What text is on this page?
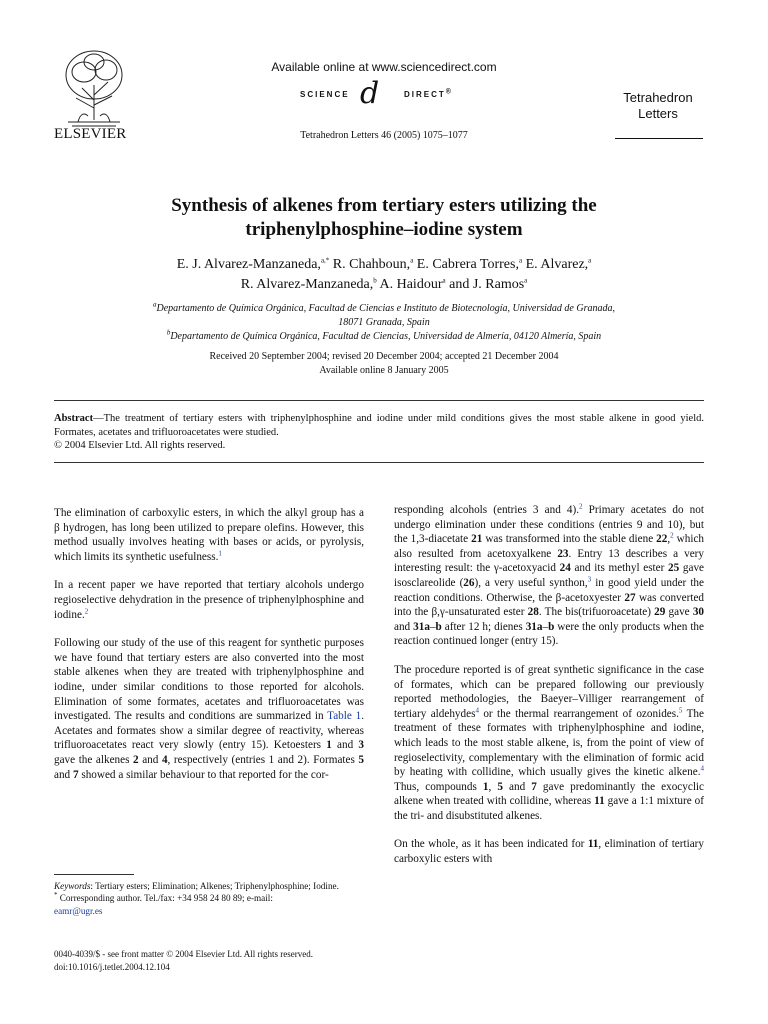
ELSEVIER
Available online at www.sciencedirect.com
SCIENCE d	DIRECT®
Tetrahedron Letters 46 (2005) 1075–1077
Tetrahedron
Letters
Synthesis of alkenes from tertiary esters utilizing the
triphenylphosphine–iodine system
E. J. Alvarez-Manzaneda,$^{a,*}$ R. Chahboun,$^a$ E. Cabrera Torres,$^a$ E. Alvarez,$^a$
R. Alvarez-Manzaneda,$^b$ A. Haidour$^a$ and J. Ramos$^a$
$^a$Departamento de Química Orgánica, Facultad de Ciencias e Instituto de Biotecnología, Universidad de Granada,
18071 Granada, Spain
$^b$Departamento de Química Orgánica, Facultad de Ciencias, Universidad de Almería, 04120 Almería, Spain
Received 20 September 2004; revised 20 December 2004; accepted 21 December 2004
Available online 8 January 2005
Abstract—The treatment of tertiary esters with triphenylphosphine and iodine under mild conditions gives the most stable alkene in good yield. Formates, acetates and trifluoroacetates were studied.
© 2004 Elsevier Ltd. All rights reserved.

The elimination of carboxylic esters, in which the alkyl group has a β hydrogen, has long been utilized to prepare olefins. However, this method usually involves heating with bases or acids, or pyrolysis, which limits its synthetic usefulness.$^1$

In a recent paper we have reported that tertiary alcohols undergo regioselective dehydration in the presence of triphenylphosphine and iodine.$^2$

Following our study of the use of this reagent for synthetic purposes we have found that tertiary esters are also converted into the most stable alkenes when they are treated with triphenylphosphine and iodine, under similar conditions to those reported for alcohols. Elimination of some formates, acetates and trifluoroacetates was investigated. The results and conditions are summarized in Table 1. Acetates and formates show a similar degree of reactivity, whereas trifluoroacetates react very slowly (entry 15). Ketoesters 1 and 3 gave the alkenes 2 and 4, respectively (entries 1 and 2). Formates 5 and 7 showed a similar behaviour to that reported for the cor-

responding alcohols (entries 3 and 4).$^2$ Primary acetates do not undergo elimination under these conditions (entries 9 and 10), but the 1,3-diacetate 21 was transformed into the stable diene 22,$^2$ which also resulted from acetoxyalkene 23. Entry 13 describes a very interesting result: the γ-acetoxyacid 24 and its methyl ester 25 gave isosclareolide (26), a very useful synthon,$^3$ in good yield under the reaction conditions. Otherwise, the β-acetoxyester 27 was converted into the β,γ-unsaturated ester 28. The bis(trifuoroacetate) 29 gave 30 and 31a–b after 12 h; dienes 31a–b were the only products when the reaction continued longer (entry 15).

The procedure reported is of great synthetic significance in the case of formates, which can be prepared following our previously reported methodologies, the Baeyer–Villiger rearrangement of tertiary aldehydes$^4$ or the thermal rearrangement of ozonides.$^5$ The treatment of these formates with triphenylphosphine and iodine, which leads to the most stable alkene, is, from the point of view of regioselectivity, complementary with the elimination of formic acid by heating with collidine, which usually gives the kinetic alkene.$^4$ Thus, compounds 1, 5 and 7 gave predominantly the exocyclic alkene when treated with collidine, whereas 11 gave a 1:1 mixture of the tri- and disubstituted alkenes.

On the whole, as it has been indicated for 11, elimination of tertiary carboxylic esters with

Keywords: Tertiary esters; Elimination; Alkenes; Triphenylphosphine; Iodine.

* Corresponding author. Tel./fax: +34 958 24 80 89; e-mail:
eamr@ugr.es

0040-4039/$ - see front matter © 2004 Elsevier Ltd. All rights reserved.
doi:10.1016/j.tetlet.2004.12.104
